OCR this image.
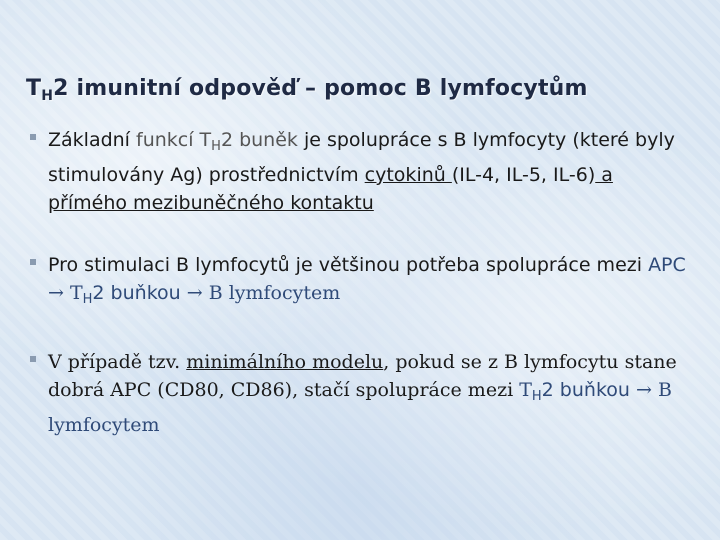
$T_H2$ imunitní odpověď – pomoc B lymfocytům
Základní funkcí $T_H2$ buněk je spolupráce s B lymfocyty (které byly stimulovány Ag) prostřednictvím cytokinů (IL-4, IL-5, IL-6) a přímého mezibuněčného kontaktu
Pro stimulaci B lymfocytů je většinou potřeba spolupráce mezi APC → $T_H2$ buňkou → B lymfocytem
V případě tzv. minimálního modelu, pokud se z B lymfocytu stane dobrá APC (CD80, CD86), stačí spolupráce mezi $T_H2$ buňkou → B lymfocytem
